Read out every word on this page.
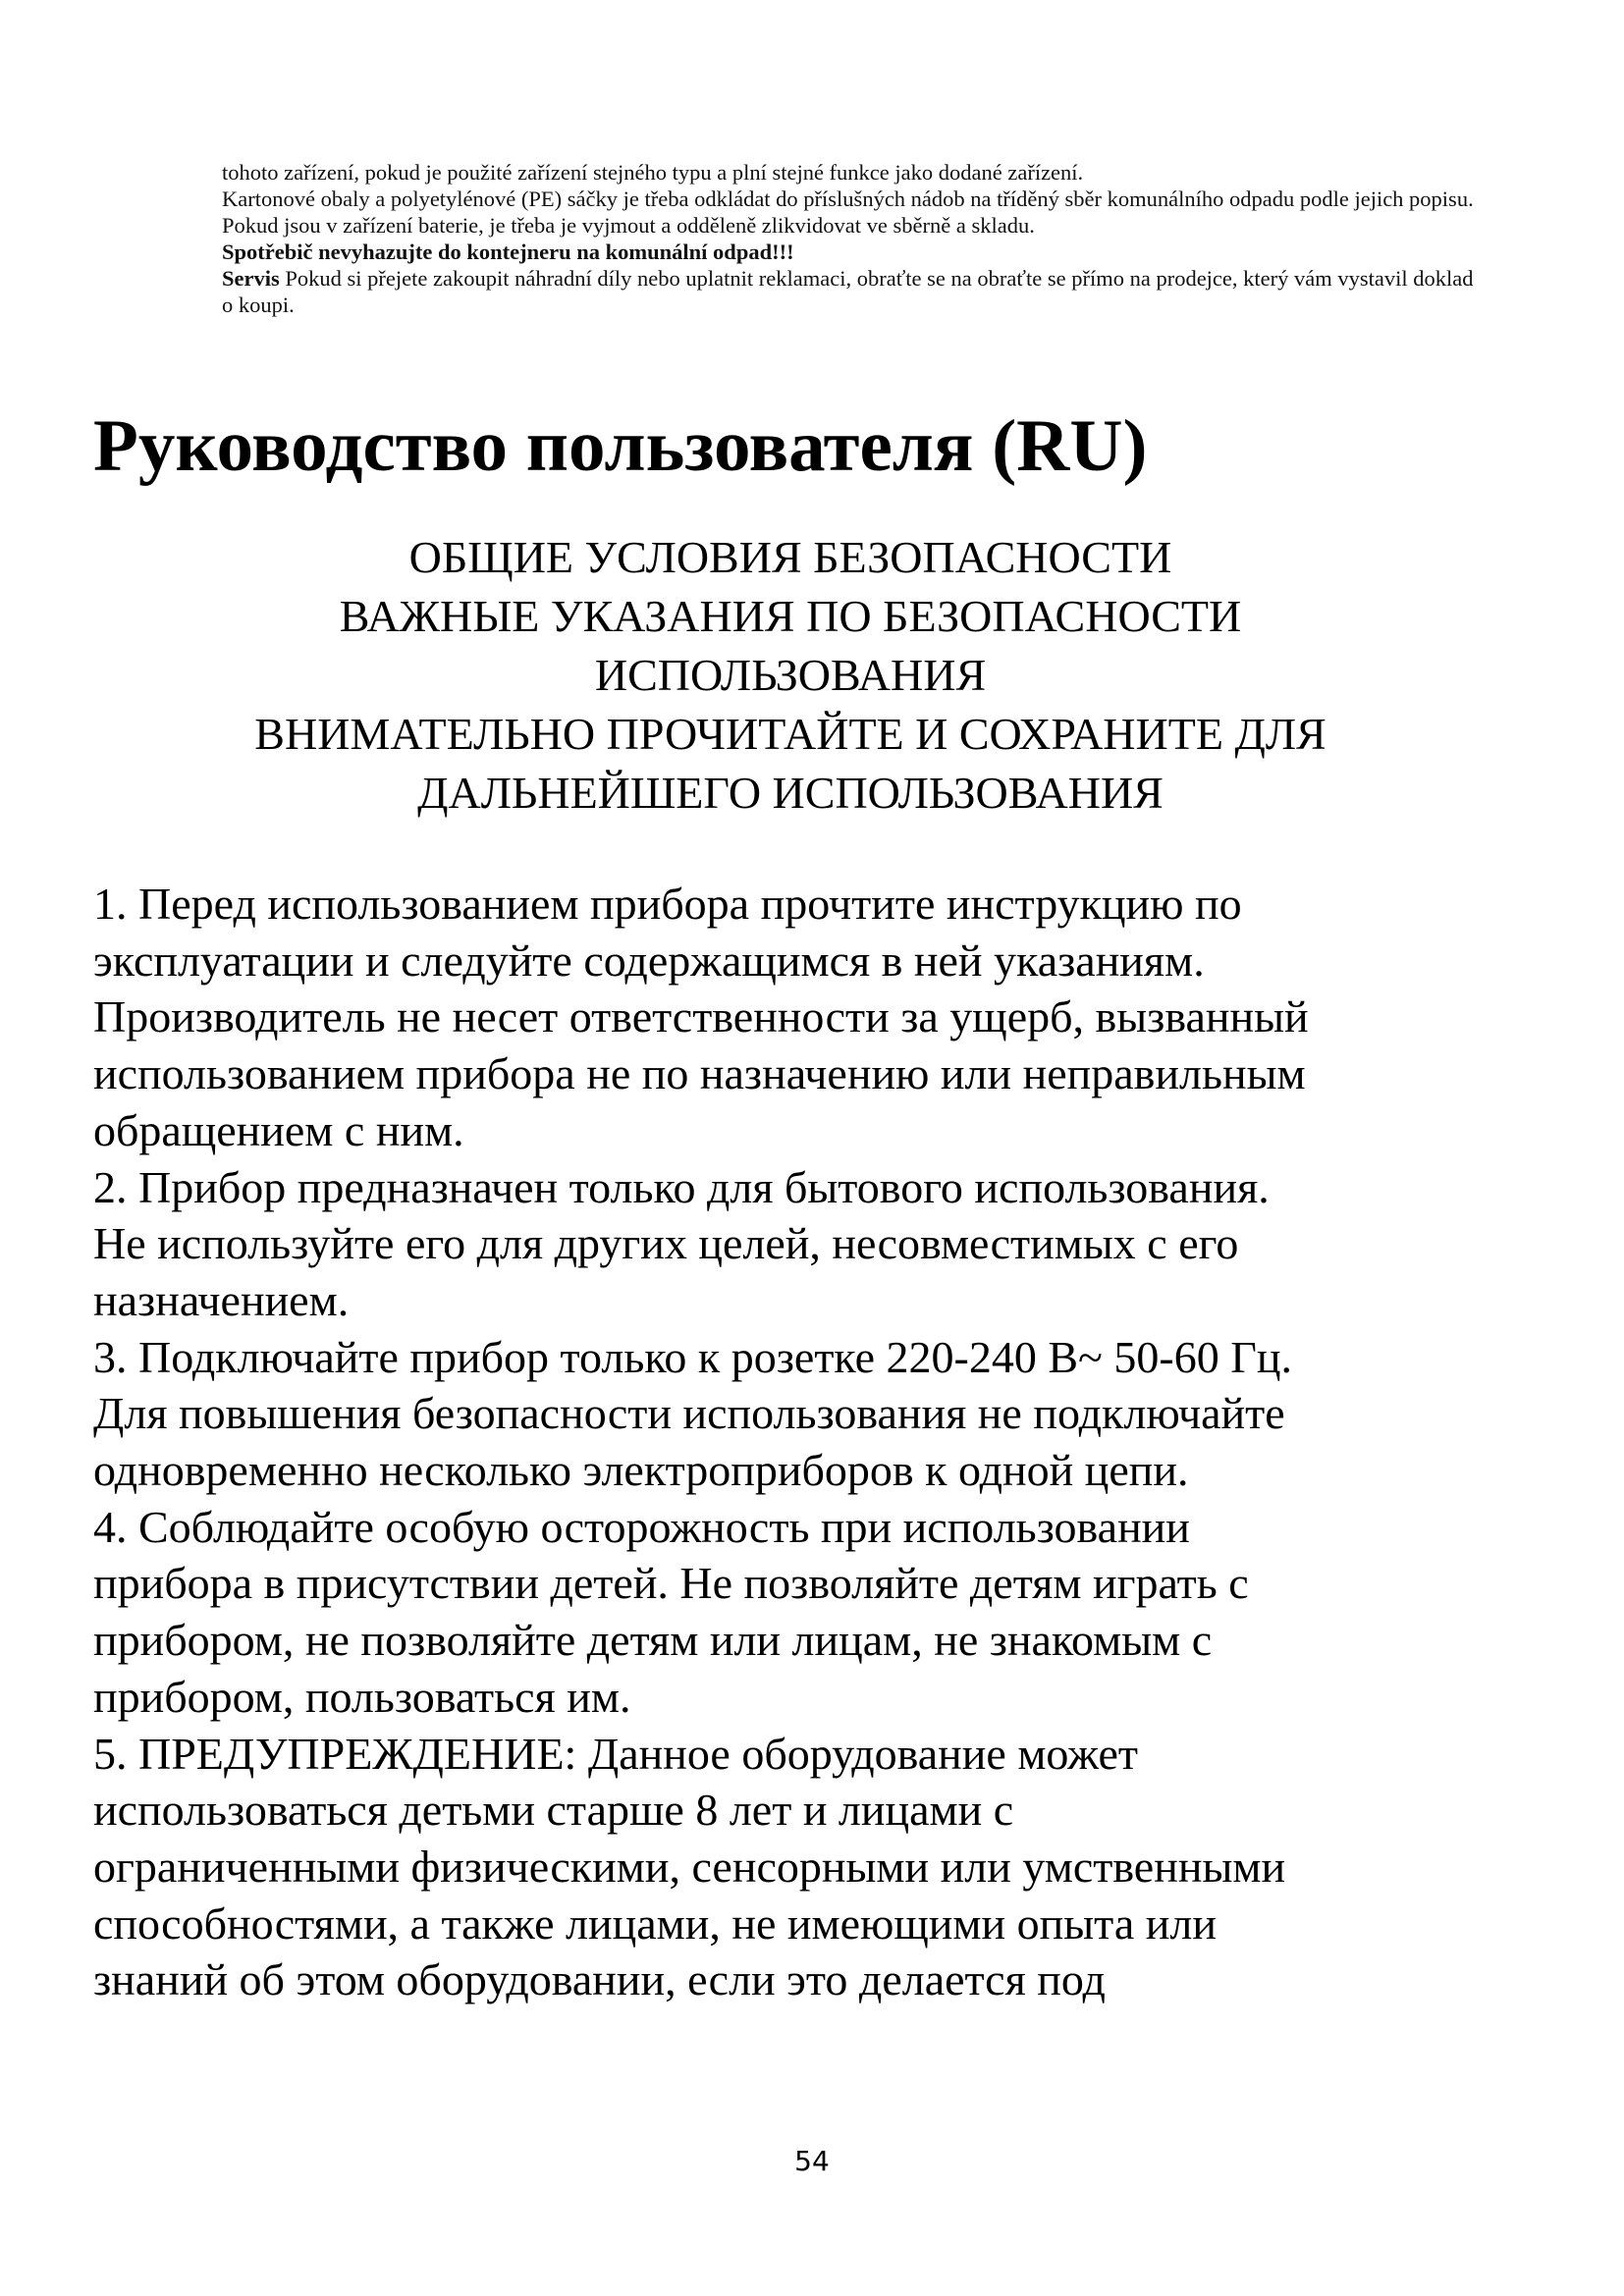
tohoto zařízení, pokud je použité zařízení stejného typu a plní stejné funkce jako dodané zařízení.

Kartonové obaly a polyetylénové (PE) sáčky je třeba odkládat do příslušných nádob na tříděný sběr komunálního odpadu podle jejich popisu. Pokud jsou v zařízení baterie, je třeba je vyjmout a odděleně zlikvidovat ve sběrně a skladu.

Spotřebič nevyhazujte do kontejneru na komunální odpad!!!

Servis Pokud si přejete zakoupit náhradní díly nebo uplatnit reklamaci, obraťte se na obraťte se přímo na prodejce, který vám vystavil doklad o koupi.

Руководство пользователя (RU)
ОБЩИЕ УСЛОВИЯ БЕЗОПАСНОСТИ
ВАЖНЫЕ УКАЗАНИЯ ПО БЕЗОПАСНОСТИ
ИСПОЛЬЗОВАНИЯ
ВНИМАТЕЛЬНО ПРОЧИТАЙТЕ И СОХРАНИТЕ ДЛЯ
ДАЛЬНЕЙШЕГО ИСПОЛЬЗОВАНИЯ
1. Перед использованием прибора прочтите инструкцию по
эксплуатации и следуйте содержащимся в ней указаниям.
Производитель не несет ответственности за ущерб, вызванный
использованием прибора не по назначению или неправильным
обращением с ним.
2. Прибор предназначен только для бытового использования.
Не используйте его для других целей, несовместимых с его
назначением.
3. Подключайте прибор только к розетке 220-240 В~ 50-60 Гц.
Для повышения безопасности использования не подключайте
одновременно несколько электроприборов к одной цепи.
4. Соблюдайте особую осторожность при использовании
прибора в присутствии детей. Не позволяйте детям играть с
прибором, не позволяйте детям или лицам, не знакомым с
прибором, пользоваться им.
5. ПРЕДУПРЕЖДЕНИЕ: Данное оборудование может
использоваться детьми старше 8 лет и лицами с
ограниченными физическими, сенсорными или умственными
способностями, а также лицами, не имеющими опыта или
знаний об этом оборудовании, если это делается под
54
